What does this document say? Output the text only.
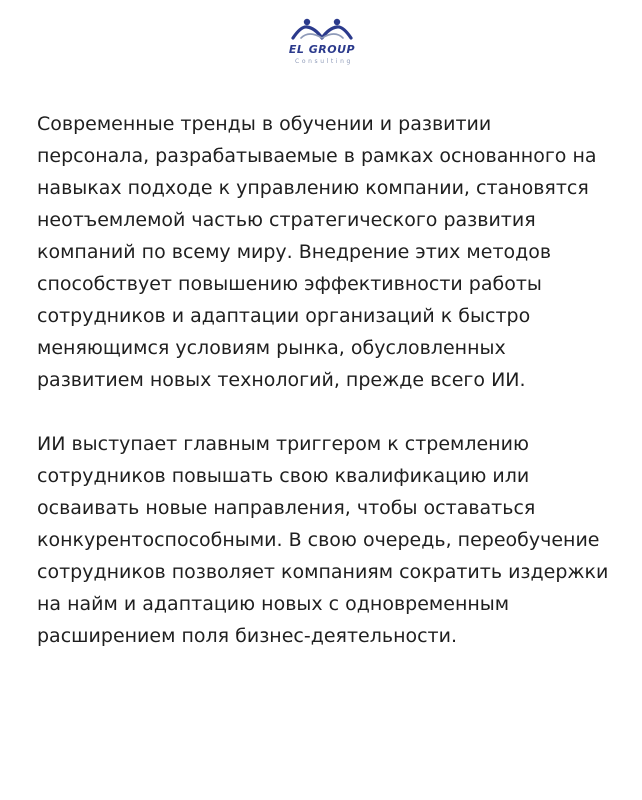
EL GROUP
Consulting

Современные тренды в обучении и развитии
персонала, разрабатываемые в рамках основанного на
навыках подходе к управлению компании, становятся
неотъемлемой частью стратегического развития
компаний по всему миру. Внедрение этих методов
способствует повышению эффективности работы
сотрудников и адаптации организаций к быстро
меняющимся условиям рынка, обусловленных
развитием новых технологий, прежде всего ИИ.

ИИ выступает главным триггером к стремлению
сотрудников повышать свою квалификацию или
осваивать новые направления, чтобы оставаться
конкурентоспособными. В свою очередь, переобучение
сотрудников позволяет компаниям сократить издержки
на найм и адаптацию новых с одновременным
расширением поля бизнес-деятельности.
